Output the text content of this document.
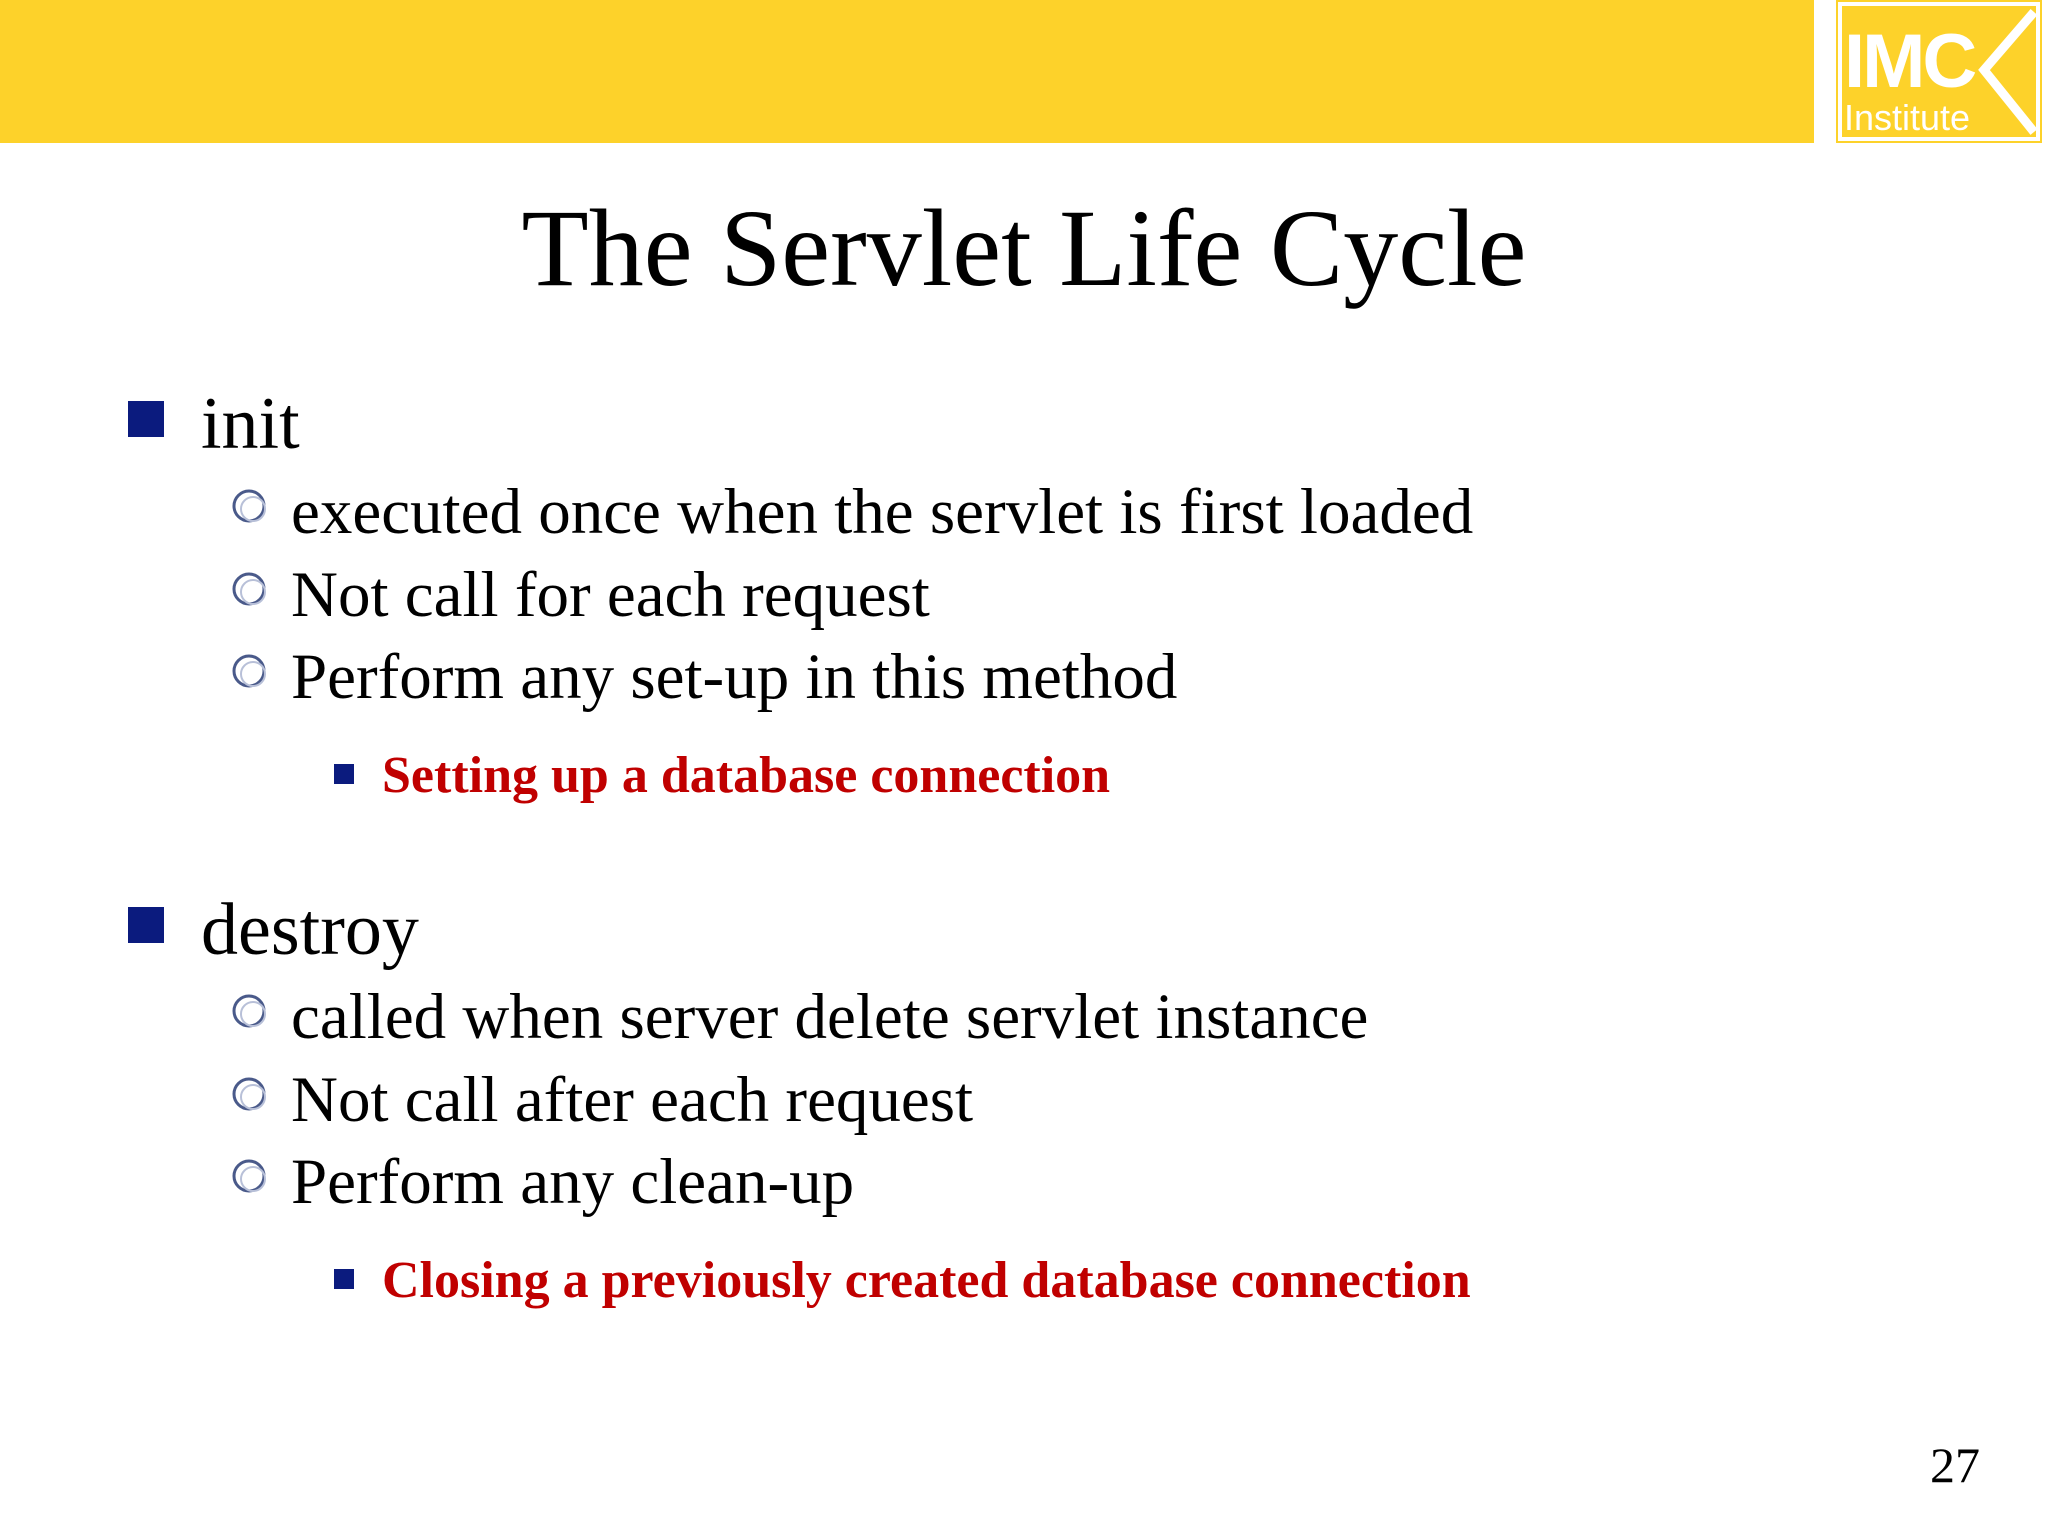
IMC
Institute
The Servlet Life Cycle
init
executed once when the servlet is first loaded
Not call for each request
Perform any set-up in this method
Setting up a database connection
destroy
called when server delete servlet instance
Not call after each request
Perform any clean-up
Closing a previously created database connection
27
